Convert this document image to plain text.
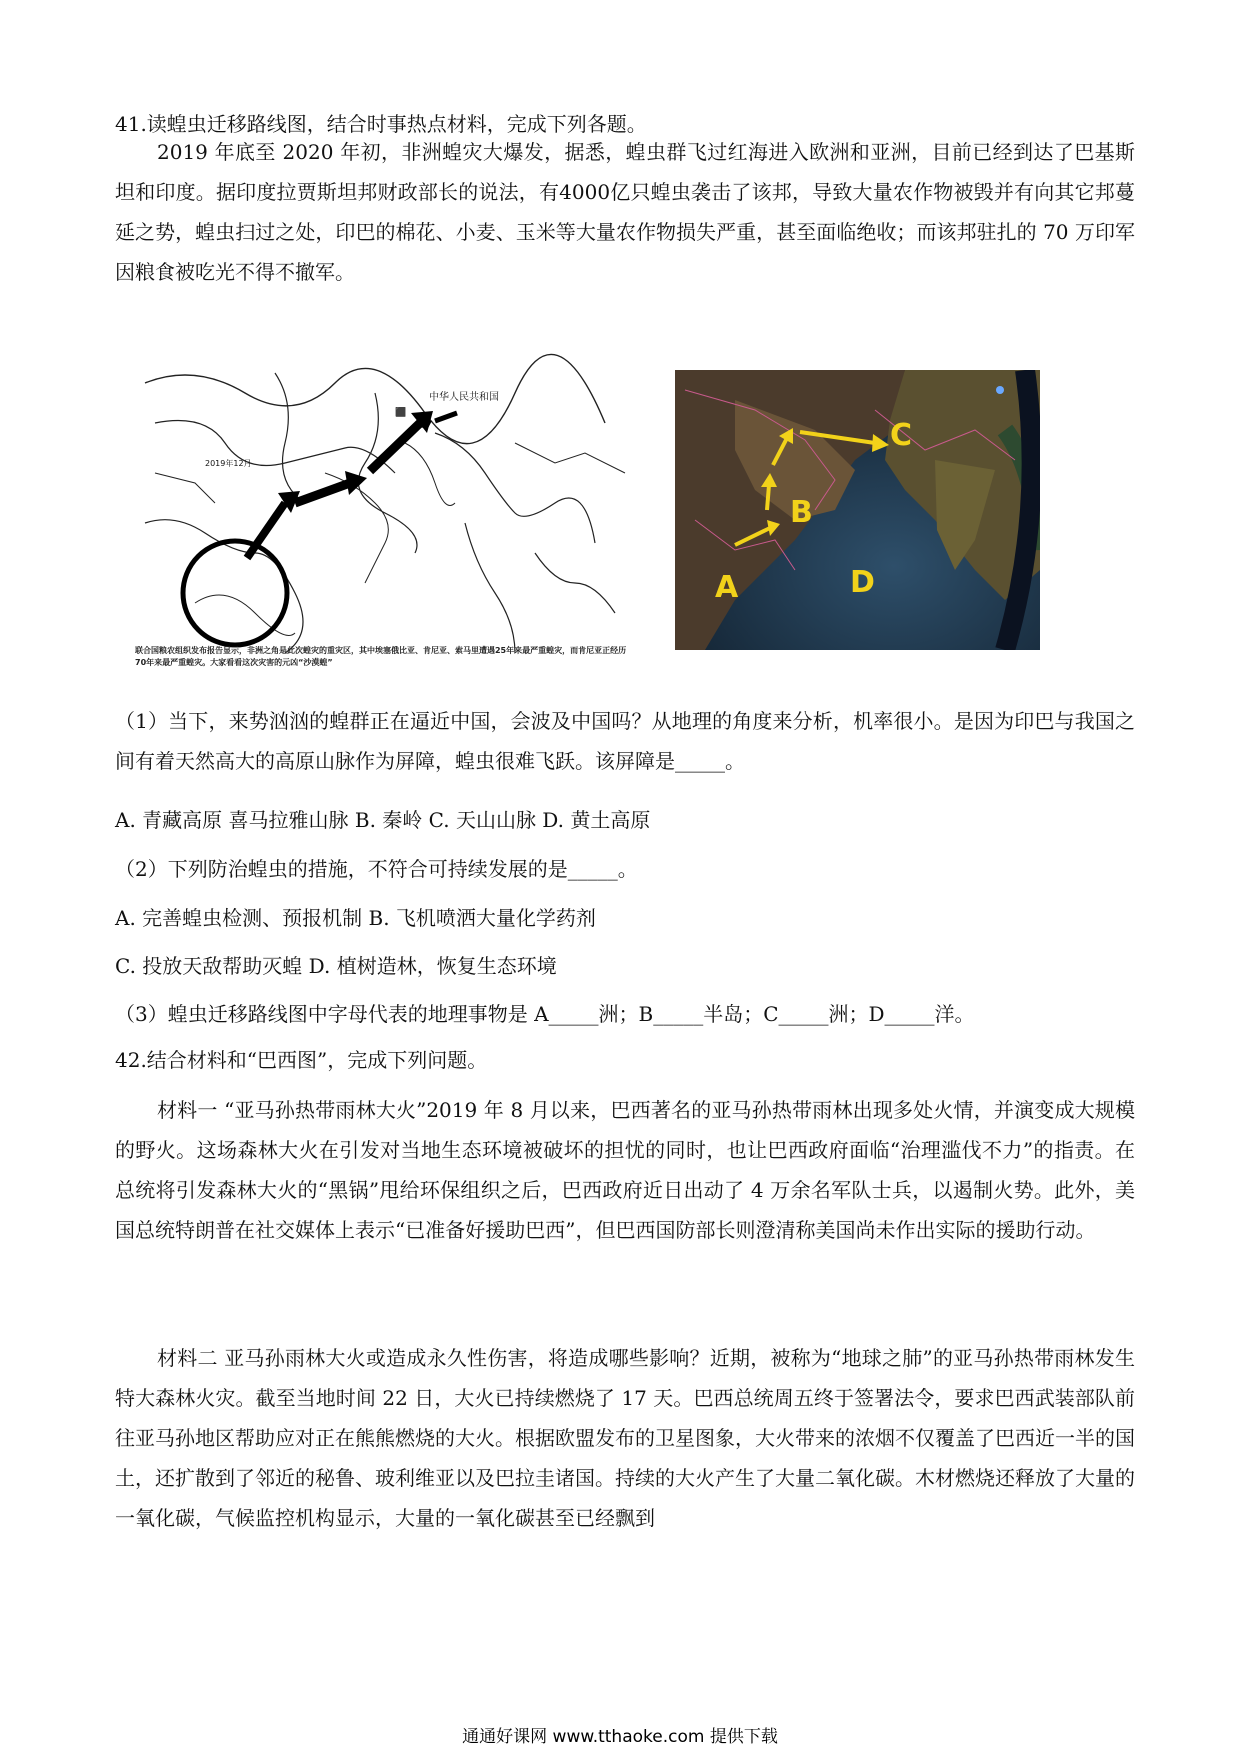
41.读蝗虫迁移路线图，结合时事热点材料，完成下列各题。

2019 年底至 2020 年初，非洲蝗灾大爆发，据悉，蝗虫群飞过红海进入欧洲和亚洲，目前已经到达了巴基斯坦和印度。据印度拉贾斯坦邦财政部长的说法，有4000亿只蝗虫袭击了该邦，导致大量农作物被毁并有向其它邦蔓延之势，蝗虫扫过之处，印巴的棉花、小麦、玉米等大量农作物损失严重，甚至面临绝收；而该邦驻扎的 70 万印军因粮食被吃光不得不撤军。

▰
⬛
中华人民共和国
2019年12月
联合国粮农组织发布报告显示，非洲之角是此次蝗灾的重灾区，其中埃塞俄比亚、肯尼亚、索马里遭遇25年来最严重蝗灾，而肯尼亚正经历70年来最严重蝗灾。大家看看这次灾害的元凶“沙漠蝗”
A
B
C
D

（1）当下，来势汹汹的蝗群正在逼近中国，会波及中国吗？从地理的角度来分析，机率很小。是因为印巴与我国之间有着天然高大的高原山脉作为屏障，蝗虫很难飞跃。该屏障是_____。

A. 青藏高原 喜马拉雅山脉 B. 秦岭 C. 天山山脉 D. 黄土高原

（2）下列防治蝗虫的措施，不符合可持续发展的是_____。

A. 完善蝗虫检测、预报机制 B. 飞机喷洒大量化学药剂

C. 投放天敌帮助灭蝗 D. 植树造林，恢复生态环境

（3）蝗虫迁移路线图中字母代表的地理事物是 A_____洲；B_____半岛；C_____洲；D_____洋。

42.结合材料和“巴西图”，完成下列问题。

材料一 “亚马孙热带雨林大火”2019 年 8 月以来，巴西著名的亚马孙热带雨林出现多处火情，并演变成大规模的野火。这场森林大火在引发对当地生态环境被破坏的担忧的同时，也让巴西政府面临“治理滥伐不力”的指责。在总统将引发森林大火的“黑锅”甩给环保组织之后，巴西政府近日出动了 4 万余名军队士兵，以遏制火势。此外，美国总统特朗普在社交媒体上表示“已准备好援助巴西”，但巴西国防部长则澄清称美国尚未作出实际的援助行动。

材料二 亚马孙雨林大火或造成永久性伤害，将造成哪些影响？近期，被称为“地球之肺”的亚马孙热带雨林发生特大森林火灾。截至当地时间 22 日，大火已持续燃烧了 17 天。巴西总统周五终于签署法令，要求巴西武装部队前往亚马孙地区帮助应对正在熊熊燃烧的大火。根据欧盟发布的卫星图象，大火带来的浓烟不仅覆盖了巴西近一半的国土，还扩散到了邻近的秘鲁、玻利维亚以及巴拉圭诸国。持续的大火产生了大量二氧化碳。木材燃烧还释放了大量的一氧化碳，气候监控机构显示，大量的一氧化碳甚至已经飘到

通通好课网 www.tthaoke.com 提供下载
